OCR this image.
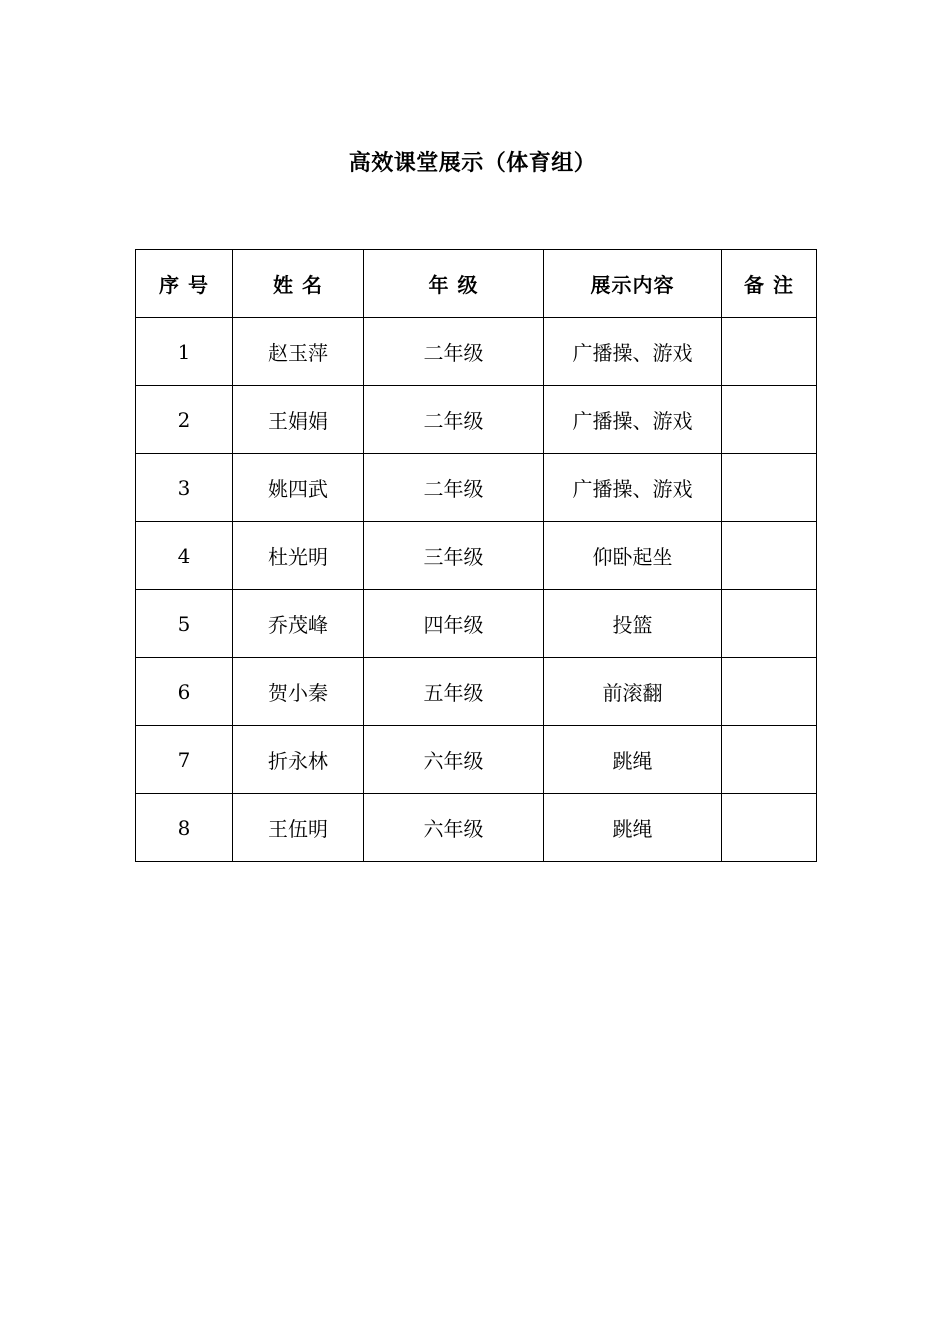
高效课堂展示（体育组）
序 号	姓 名	年 级	展示内容	备 注
1	赵玉萍	二年级	广播操、游戏	
2	王娟娟	二年级	广播操、游戏	
3	姚四武	二年级	广播操、游戏	
4	杜光明	三年级	仰卧起坐	
5	乔茂峰	四年级	投篮	
6	贺小秦	五年级	前滚翻	
7	折永林	六年级	跳绳	
8	王伍明	六年级	跳绳	
